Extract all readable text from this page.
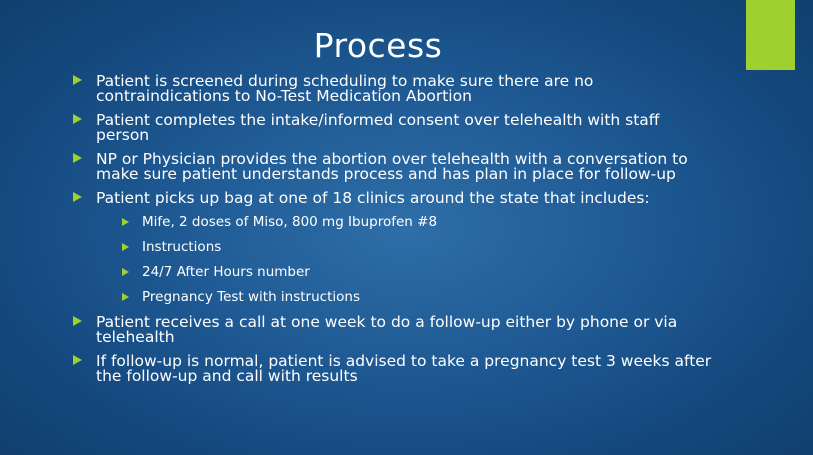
Process
Patient is screened during scheduling to make sure there are no contraindications to No-Test Medication Abortion
Patient completes the intake/informed consent over telehealth with staff person
NP or Physician provides the abortion over telehealth with a conversation to make sure patient understands process and has plan in place for follow-up
Patient picks up bag at one of 18 clinics around the state that includes:
Mife, 2 doses of Miso, 800 mg Ibuprofen #8
Instructions
24/7 After Hours number
Pregnancy Test with instructions
Patient receives a call at one week to do a follow-up either by phone or via telehealth
If follow-up is normal, patient is advised to take a pregnancy test 3 weeks after the follow-up and call with results
